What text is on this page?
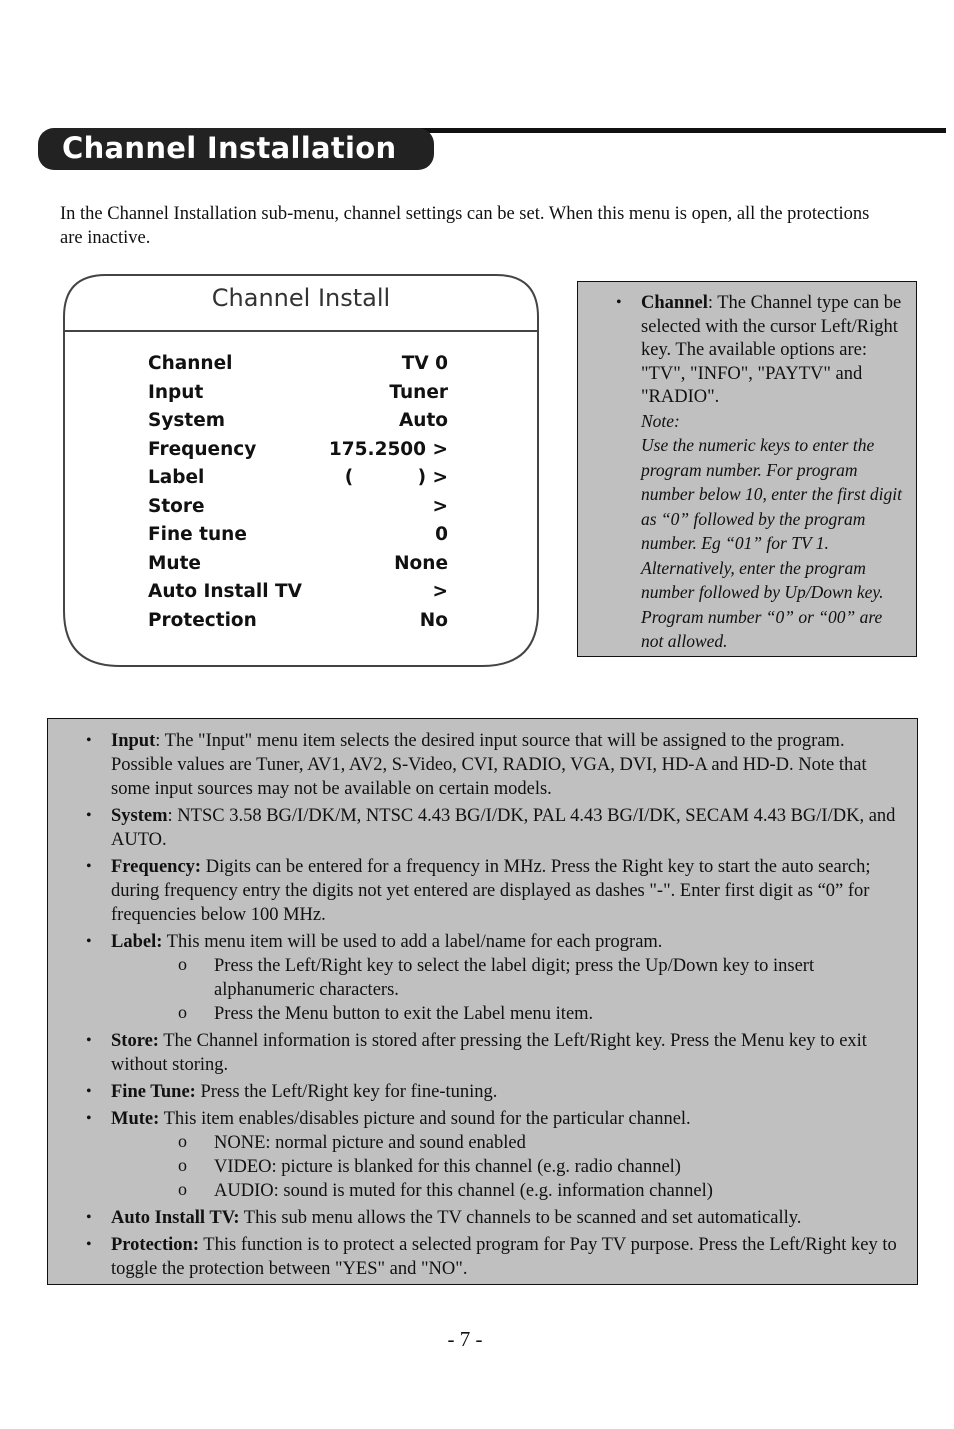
Channel Installation
In the Channel Installation sub-menu, channel settings can be set. When this menu is open, all the protections are inactive.
Channel Install
Channel	TV 0
Input	Tuner
System	Auto
Frequency	175.2500 >
Label	(          ) >
Store	>
Fine tune	0
Mute	None
Auto Install TV	>
Protection	No
• Channel: The Channel type can be selected with the cursor Left/Right key. The available options are: "TV", "INFO", "PAYTV" and "RADIO".
Note:
Use the numeric keys to enter the program number. For program number below 10, enter the first digit as “0” followed by the program number. Eg “01” for TV 1. Alternatively, enter the program number followed by Up/Down key. Program number “0” or “00” are not allowed.
• Input: The "Input" menu item selects the desired input source that will be assigned to the program. Possible values are Tuner, AV1, AV2, S-Video, CVI, RADIO, VGA, DVI, HD-A and HD-D. Note that some input sources may not be available on certain models.
• System: NTSC 3.58 BG/I/DK/M, NTSC 4.43 BG/I/DK, PAL 4.43 BG/I/DK, SECAM 4.43 BG/I/DK, and AUTO.
• Frequency: Digits can be entered for a frequency in MHz. Press the Right key to start the auto search; during frequency entry the digits not yet entered are displayed as dashes "-". Enter first digit as “0” for frequencies below 100 MHz.
• Label: This menu item will be used to add a label/name for each program.
o Press the Left/Right key to select the label digit; press the Up/Down key to insert alphanumeric characters.
o Press the Menu button to exit the Label menu item.
• Store: The Channel information is stored after pressing the Left/Right key. Press the Menu key to exit without storing.
• Fine Tune: Press the Left/Right key for fine-tuning.
• Mute: This item enables/disables picture and sound for the particular channel.
o NONE: normal picture and sound enabled
o VIDEO: picture is blanked for this channel (e.g. radio channel)
o AUDIO: sound is muted for this channel (e.g. information channel)
• Auto Install TV: This sub menu allows the TV channels to be scanned and set automatically.
• Protection: This function is to protect a selected program for Pay TV purpose. Press the Left/Right key to toggle the protection between "YES" and "NO".
- 7 -
